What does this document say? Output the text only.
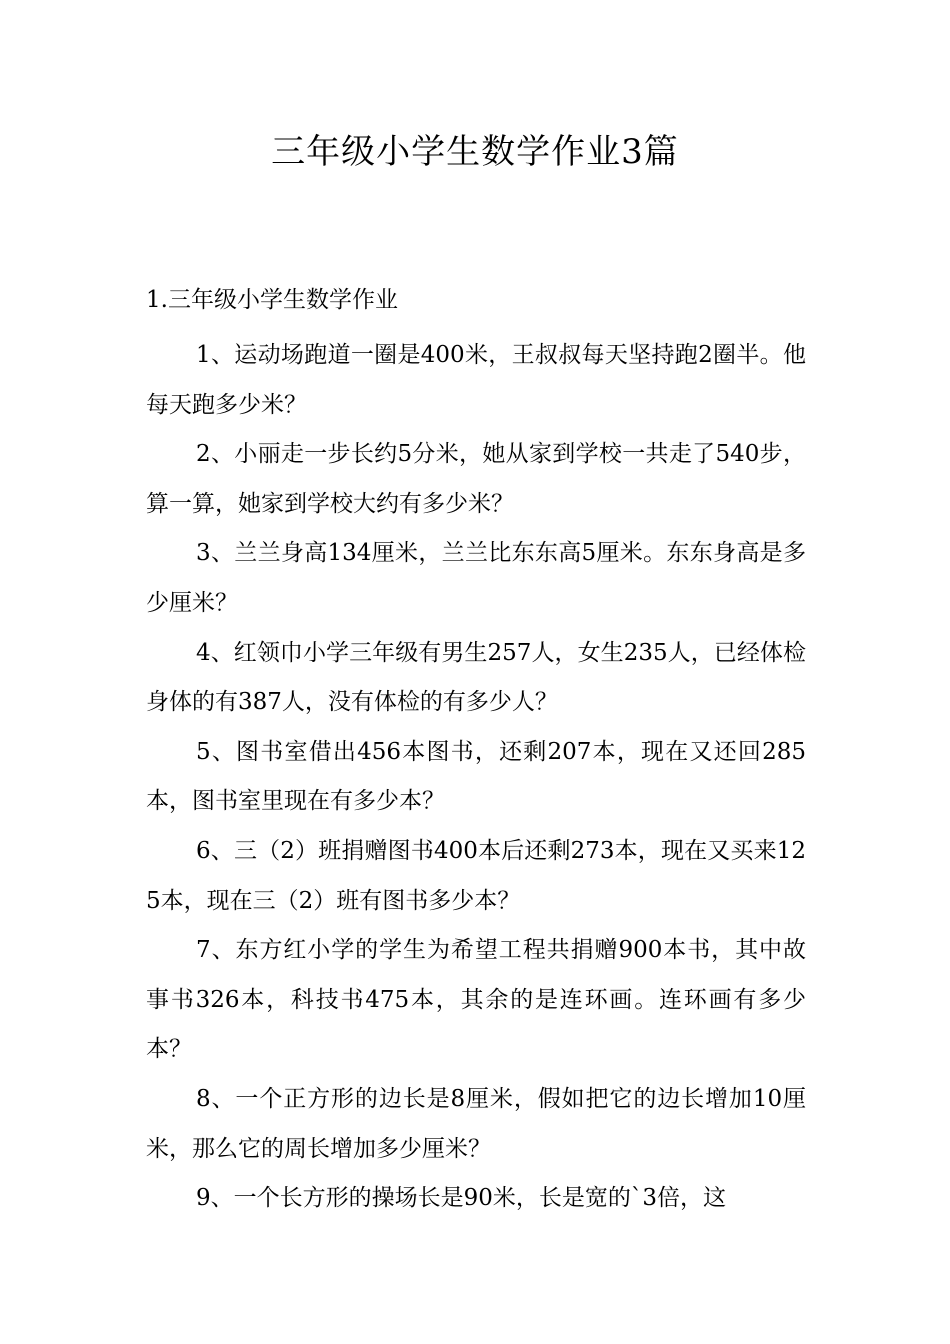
三年级小学生数学作业3篇
1.三年级小学生数学作业

1、运动场跑道一圈是400米，王叔叔每天坚持跑2圈半。他每天跑多少米？

2、小丽走一步长约5分米，她从家到学校一共走了540步，算一算，她家到学校大约有多少米？

3、兰兰身高134厘米，兰兰比东东高5厘米。东东身高是多少厘米？

4、红领巾小学三年级有男生257人，女生235人，已经体检身体的有387人，没有体检的有多少人？

5、图书室借出456本图书，还剩207本，现在又还回285本，图书室里现在有多少本？

6、三（2）班捐赠图书400本后还剩273本，现在又买来125本，现在三（2）班有图书多少本？

7、东方红小学的学生为希望工程共捐赠900本书，其中故事书326本，科技书475本，其余的是连环画。连环画有多少本？

8、一个正方形的边长是8厘米，假如把它的边长增加10厘米，那么它的周长增加多少厘米？

9、一个长方形的操场长是90米，长是宽的`3倍，这
